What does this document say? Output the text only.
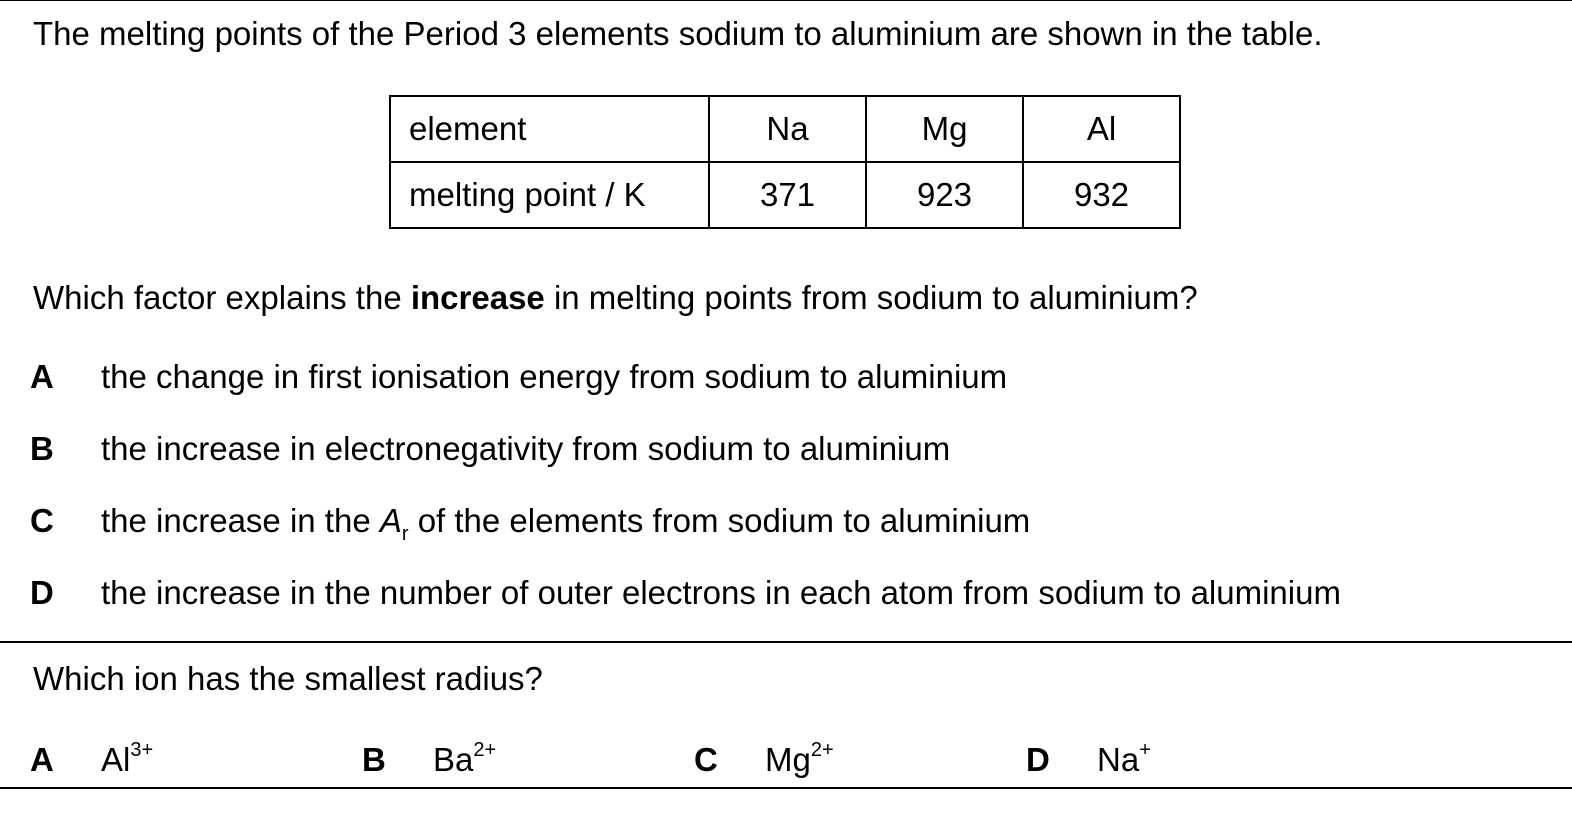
The melting points of the Period 3 elements sodium to aluminium are shown in the table.
element	Na	Mg	Al
melting point / K	371	923	932
Which factor explains the increase in melting points from sodium to aluminium?
A the change in first ionisation energy from sodium to aluminium
B the increase in electronegativity from sodium to aluminium
C the increase in the $A_r$ of the elements from sodium to aluminium
D the increase in the number of outer electrons in each atom from sodium to aluminium
Which ion has the smallest radius?
A $Al^{3+}$	B $Ba^{2+}$	C $Mg^{2+}$	D Na+
